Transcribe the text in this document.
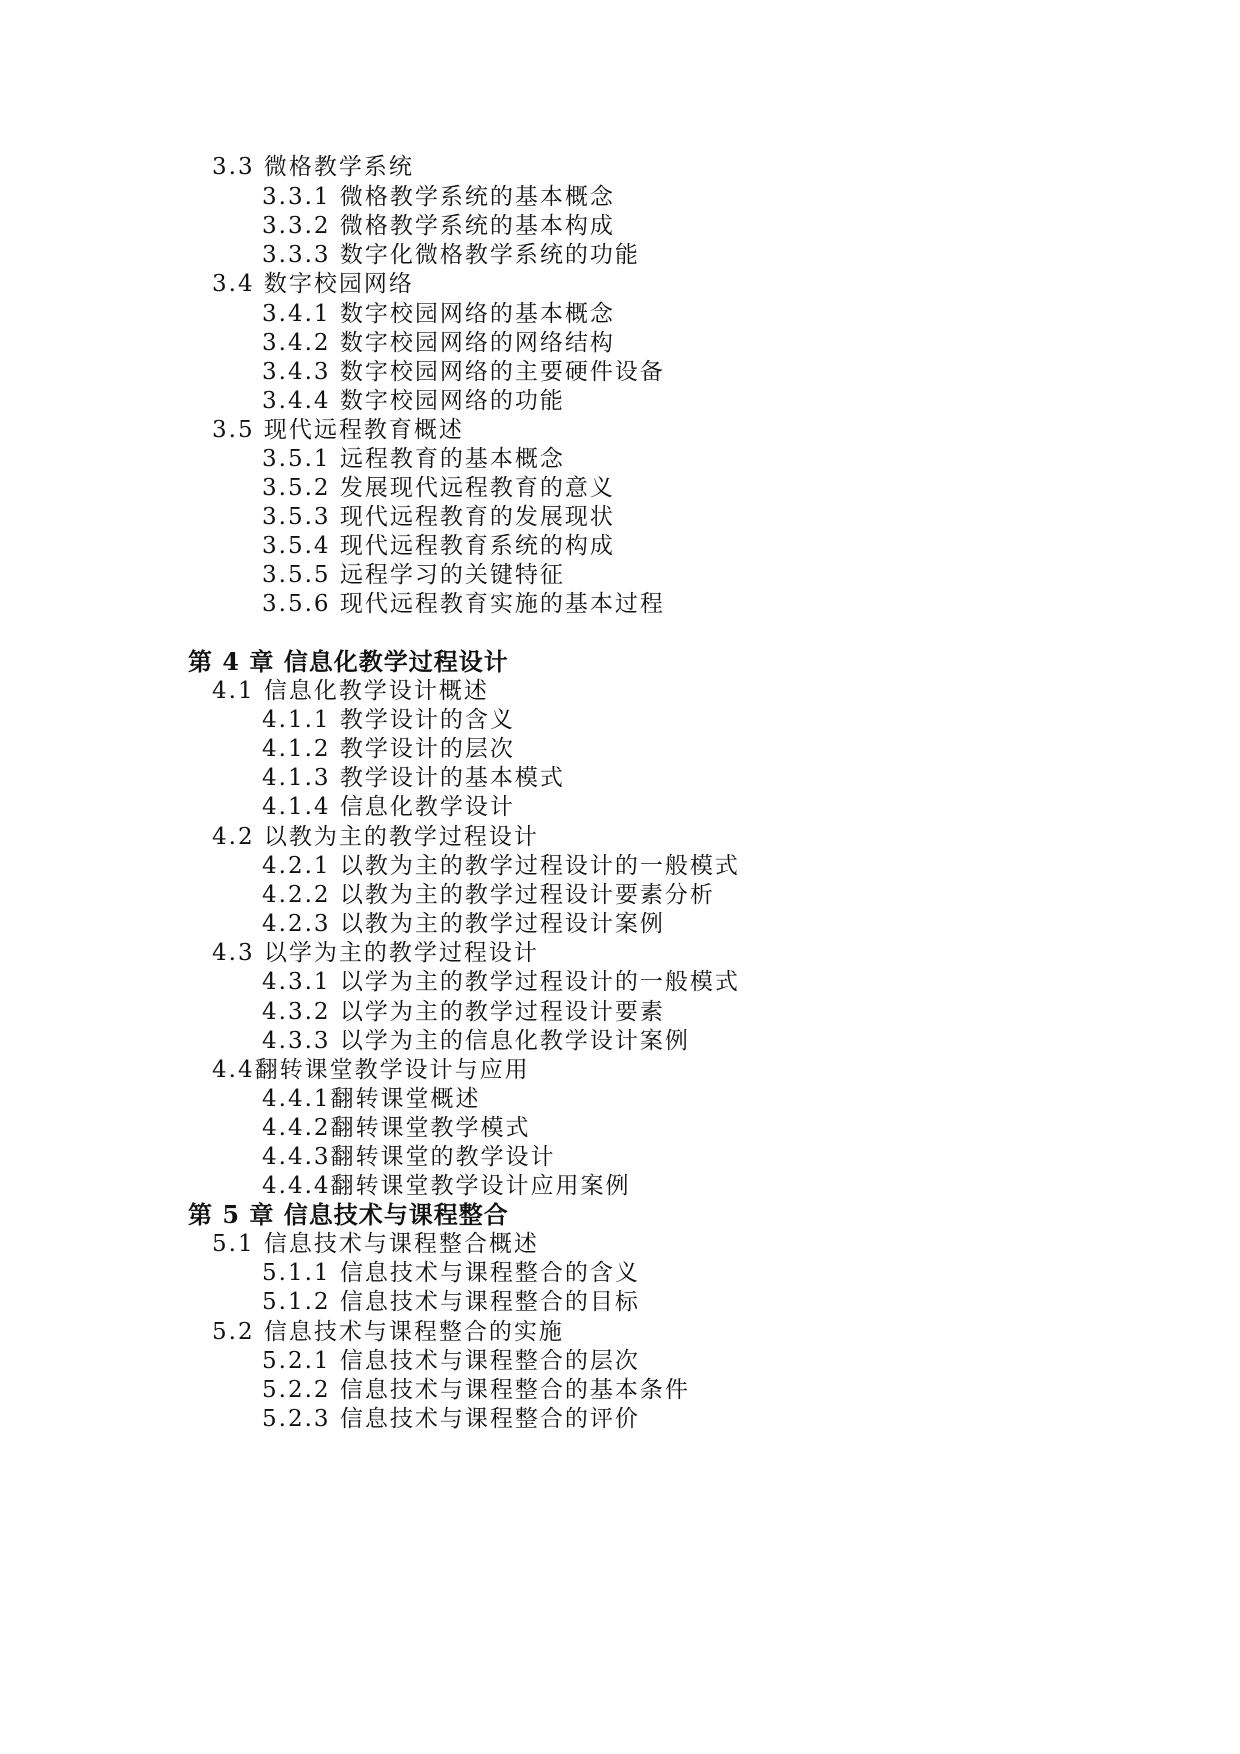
3.3 微格教学系统
3.3.1 微格教学系统的基本概念
3.3.2 微格教学系统的基本构成
3.3.3 数字化微格教学系统的功能
3.4 数字校园网络
3.4.1 数字校园网络的基本概念
3.4.2 数字校园网络的网络结构
3.4.3 数字校园网络的主要硬件设备
3.4.4 数字校园网络的功能
3.5 现代远程教育概述
3.5.1 远程教育的基本概念
3.5.2 发展现代远程教育的意义
3.5.3 现代远程教育的发展现状
3.5.4 现代远程教育系统的构成
3.5.5 远程学习的关键特征
3.5.6 现代远程教育实施的基本过程
第 4 章 信息化教学过程设计
4.1 信息化教学设计概述
4.1.1 教学设计的含义
4.1.2 教学设计的层次
4.1.3 教学设计的基本模式
4.1.4 信息化教学设计
4.2 以教为主的教学过程设计
4.2.1 以教为主的教学过程设计的一般模式
4.2.2 以教为主的教学过程设计要素分析
4.2.3 以教为主的教学过程设计案例
4.3 以学为主的教学过程设计
4.3.1 以学为主的教学过程设计的一般模式
4.3.2 以学为主的教学过程设计要素
4.3.3 以学为主的信息化教学设计案例
4.4翻转课堂教学设计与应用
4.4.1翻转课堂概述
4.4.2翻转课堂教学模式
4.4.3翻转课堂的教学设计
4.4.4翻转课堂教学设计应用案例
第 5 章 信息技术与课程整合
5.1 信息技术与课程整合概述
5.1.1 信息技术与课程整合的含义
5.1.2 信息技术与课程整合的目标
5.2 信息技术与课程整合的实施
5.2.1 信息技术与课程整合的层次
5.2.2 信息技术与课程整合的基本条件
5.2.3 信息技术与课程整合的评价
